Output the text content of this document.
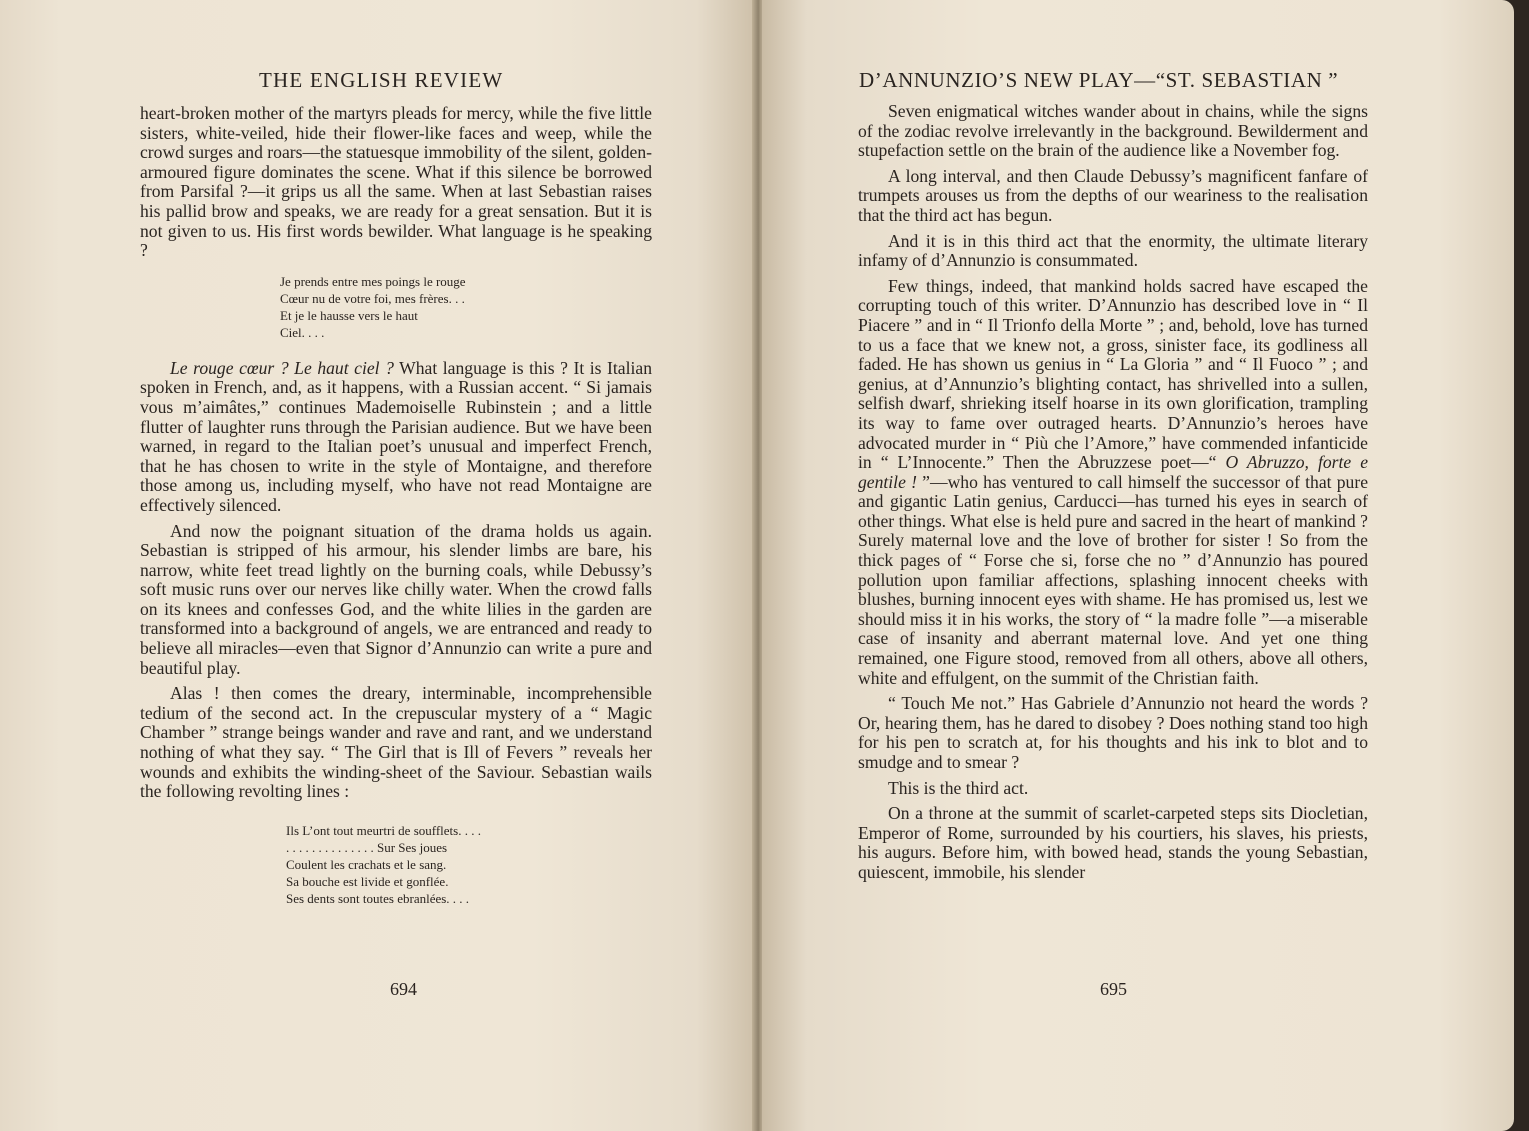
THE ENGLISH REVIEW

heart-broken mother of the martyrs pleads for mercy, while the five little sisters, white-veiled, hide their flower-like faces and weep, while the crowd surges and roars—the statuesque immobility of the silent, golden-armoured figure dominates the scene. What if this silence be borrowed from Parsifal ?—it grips us all the same. When at last Sebastian raises his pallid brow and speaks, we are ready for a great sensation. But it is not given to us. His first words bewilder. What language is he speaking ?

Je prends entre mes poings le rouge
Cœur nu de votre foi, mes frères. . .
Et je le hausse vers le haut
Ciel. . . .

Le rouge cœur ? Le haut ciel ? What language is this ? It is Italian spoken in French, and, as it happens, with a Russian accent. “ Si jamais vous m’aimâtes,” continues Mademoiselle Rubinstein ; and a little flutter of laughter runs through the Parisian audience. But we have been warned, in regard to the Italian poet’s unusual and imperfect French, that he has chosen to write in the style of Montaigne, and therefore those among us, including myself, who have not read Montaigne are effectively silenced.

And now the poignant situation of the drama holds us again. Sebastian is stripped of his armour, his slender limbs are bare, his narrow, white feet tread lightly on the burning coals, while Debussy’s soft music runs over our nerves like chilly water. When the crowd falls on its knees and confesses God, and the white lilies in the garden are transformed into a background of angels, we are entranced and ready to believe all miracles—even that Signor d’Annunzio can write a pure and beautiful play.

Alas ! then comes the dreary, interminable, incomprehensible tedium of the second act. In the crepuscular mystery of a “ Magic Chamber ” strange beings wander and rave and rant, and we understand nothing of what they say. “ The Girl that is Ill of Fevers ” reveals her wounds and exhibits the winding-sheet of the Saviour. Sebastian wails the following revolting lines :

Ils L’ont tout meurtri de soufflets. . . .
. . . . . . . . . . . . . . Sur Ses joues
Coulent les crachats et le sang.
Sa bouche est livide et gonflée.
Ses dents sont toutes ebranlées. . . .
694
D’ANNUNZIO’S NEW PLAY—“ST. SEBASTIAN ”

Seven enigmatical witches wander about in chains, while the signs of the zodiac revolve irrelevantly in the background. Bewilderment and stupefaction settle on the brain of the audience like a November fog.

A long interval, and then Claude Debussy’s magnificent fanfare of trumpets arouses us from the depths of our weariness to the realisation that the third act has begun.

And it is in this third act that the enormity, the ultimate literary infamy of d’Annunzio is consummated.

Few things, indeed, that mankind holds sacred have escaped the corrupting touch of this writer. D’Annunzio has described love in “ Il Piacere ” and in “ Il Trionfo della Morte ” ; and, behold, love has turned to us a face that we knew not, a gross, sinister face, its godliness all faded. He has shown us genius in “ La Gloria ” and “ Il Fuoco ” ; and genius, at d’Annunzio’s blighting contact, has shrivelled into a sullen, selfish dwarf, shrieking itself hoarse in its own glorification, trampling its way to fame over outraged hearts. D’Annunzio’s heroes have advocated murder in “ Più che l’Amore,” have commended infanticide in “ L’Innocente.” Then the Abruzzese poet—“ O Abruzzo, forte e gentile ! ”—who has ventured to call himself the successor of that pure and gigantic Latin genius, Carducci—has turned his eyes in search of other things. What else is held pure and sacred in the heart of mankind ? Surely maternal love and the love of brother for sister ! So from the thick pages of “ Forse che si, forse che no ” d’Annunzio has poured pollution upon familiar affections, splashing innocent cheeks with blushes, burning innocent eyes with shame. He has promised us, lest we should miss it in his works, the story of “ la madre folle ”—a miserable case of insanity and aberrant maternal love. And yet one thing remained, one Figure stood, removed from all others, above all others, white and effulgent, on the summit of the Christian faith.

“ Touch Me not.” Has Gabriele d’Annunzio not heard the words ? Or, hearing them, has he dared to disobey ? Does nothing stand too high for his pen to scratch at, for his thoughts and his ink to blot and to smudge and to smear ?

This is the third act.

On a throne at the summit of scarlet-carpeted steps sits Diocletian, Emperor of Rome, surrounded by his courtiers, his slaves, his priests, his augurs. Before him, with bowed head, stands the young Sebastian, quiescent, immobile, his slender

695
